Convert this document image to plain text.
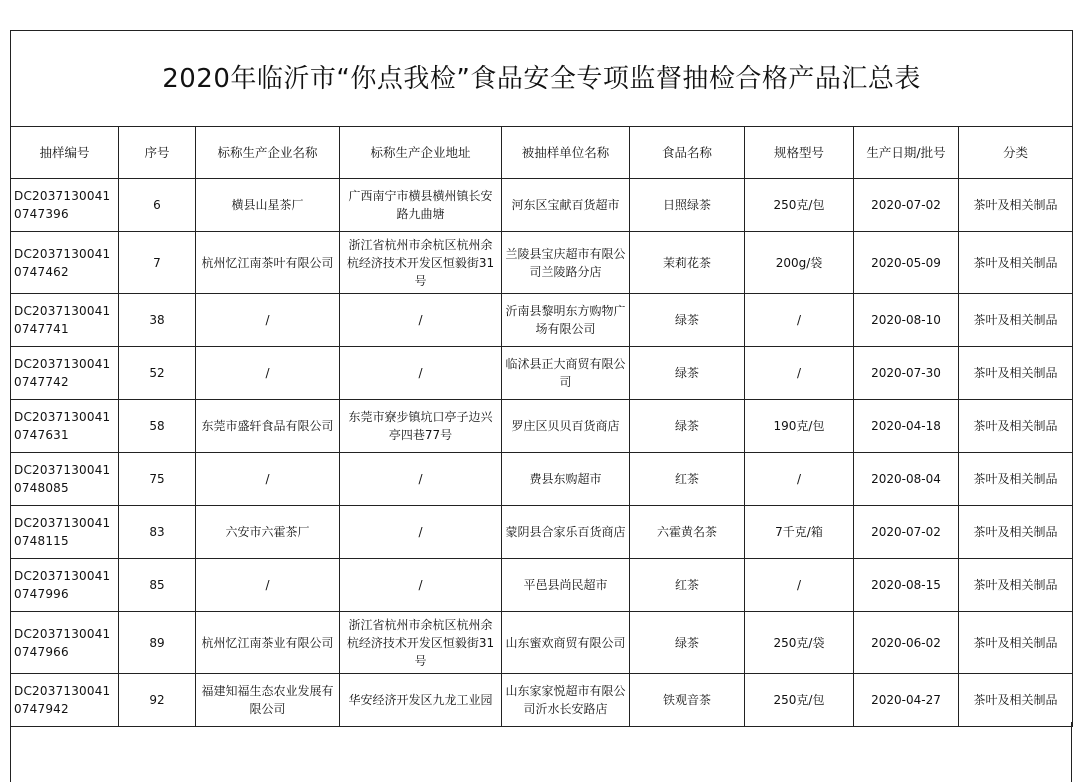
2020年临沂市“你点我检”食品安全专项监督抽检合格产品汇总表								
抽样编号	序号	标称生产企业名称	标称生产企业地址	被抽样单位名称	食品名称	规格型号	生产日期/批号	分类
DC20371300410747396	6	横县山星茶厂	广西南宁市横县横州镇长安路九曲塘	河东区宝献百货超市	日照绿茶	250克/包	2020-07-02	茶叶及相关制品
DC20371300410747462	7	杭州忆江南茶叶有限公司	浙江省杭州市余杭区杭州余杭经济技术开发区恒毅街31号	兰陵县宝庆超市有限公司兰陵路分店	茉莉花茶	200g/袋	2020-05-09	茶叶及相关制品
DC20371300410747741	38	/	/	沂南县黎明东方购物广场有限公司	绿茶	/	2020-08-10	茶叶及相关制品
DC20371300410747742	52	/	/	临沭县正大商贸有限公司	绿茶	/	2020-07-30	茶叶及相关制品
DC20371300410747631	58	东莞市盛轩食品有限公司	东莞市寮步镇坑口亭子边兴亭四巷77号	罗庄区贝贝百货商店	绿茶	190克/包	2020-04-18	茶叶及相关制品
DC20371300410748085	75	/	/	费县东购超市	红茶	/	2020-08-04	茶叶及相关制品
DC20371300410748115	83	六安市六霍茶厂	/	蒙阴县合家乐百货商店	六霍黄名茶	7千克/箱	2020-07-02	茶叶及相关制品
DC20371300410747996	85	/	/	平邑县尚民超市	红茶	/	2020-08-15	茶叶及相关制品
DC20371300410747966	89	杭州忆江南茶业有限公司	浙江省杭州市余杭区杭州余杭经济技术开发区恒毅街31号	山东蜜欢商贸有限公司	绿茶	250克/袋	2020-06-02	茶叶及相关制品
DC20371300410747942	92	福建知福生态农业发展有限公司	华安经济开发区九龙工业园	山东家家悦超市有限公司沂水长安路店	铁观音茶	250克/包	2020-04-27	茶叶及相关制品
